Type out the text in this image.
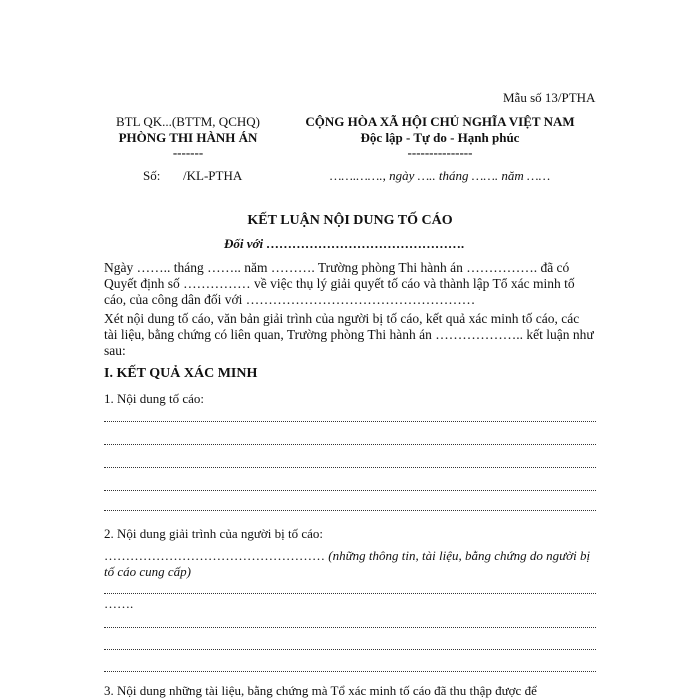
Mẫu số 13/PTHA
BTL QK...(BTTM, QCHQ)
PHÒNG THI HÀNH ÁN
-------
Số: /KL-PTHA
CỘNG HÒA XÃ HỘI CHỦ NGHĨA VIỆT NAM
Độc lập - Tự do - Hạnh phúc
---------------
…….……., ngày ….. tháng ……. năm ……
KẾT LUẬN NỘI DUNG TỐ CÁO
Đối với ……………………………………….
Ngày …….. tháng …….. năm ………. Trường phòng Thi hành án ……………. đã có Quyết định số …………… về việc thụ lý giải quyết tố cáo và thành lập Tổ xác minh tố cáo, của công dân đối với ……………………………………………
Xét nội dung tố cáo, văn bản giải trình của người bị tố cáo, kết quả xác minh tố cáo, các tài liệu, bằng chứng có liên quan, Trường phòng Thi hành án ……………….. kết luận như sau:
I. KẾT QUẢ XÁC MINH
1. Nội dung tố cáo:
2. Nội dung giải trình của người bị tố cáo:
…………………………………………… (những thông tin, tài liệu, bằng chứng do người bị tố cáo cung cấp)
…….
3. Nội dung những tài liệu, bằng chứng mà Tổ xác minh tố cáo đã thu thập được để
